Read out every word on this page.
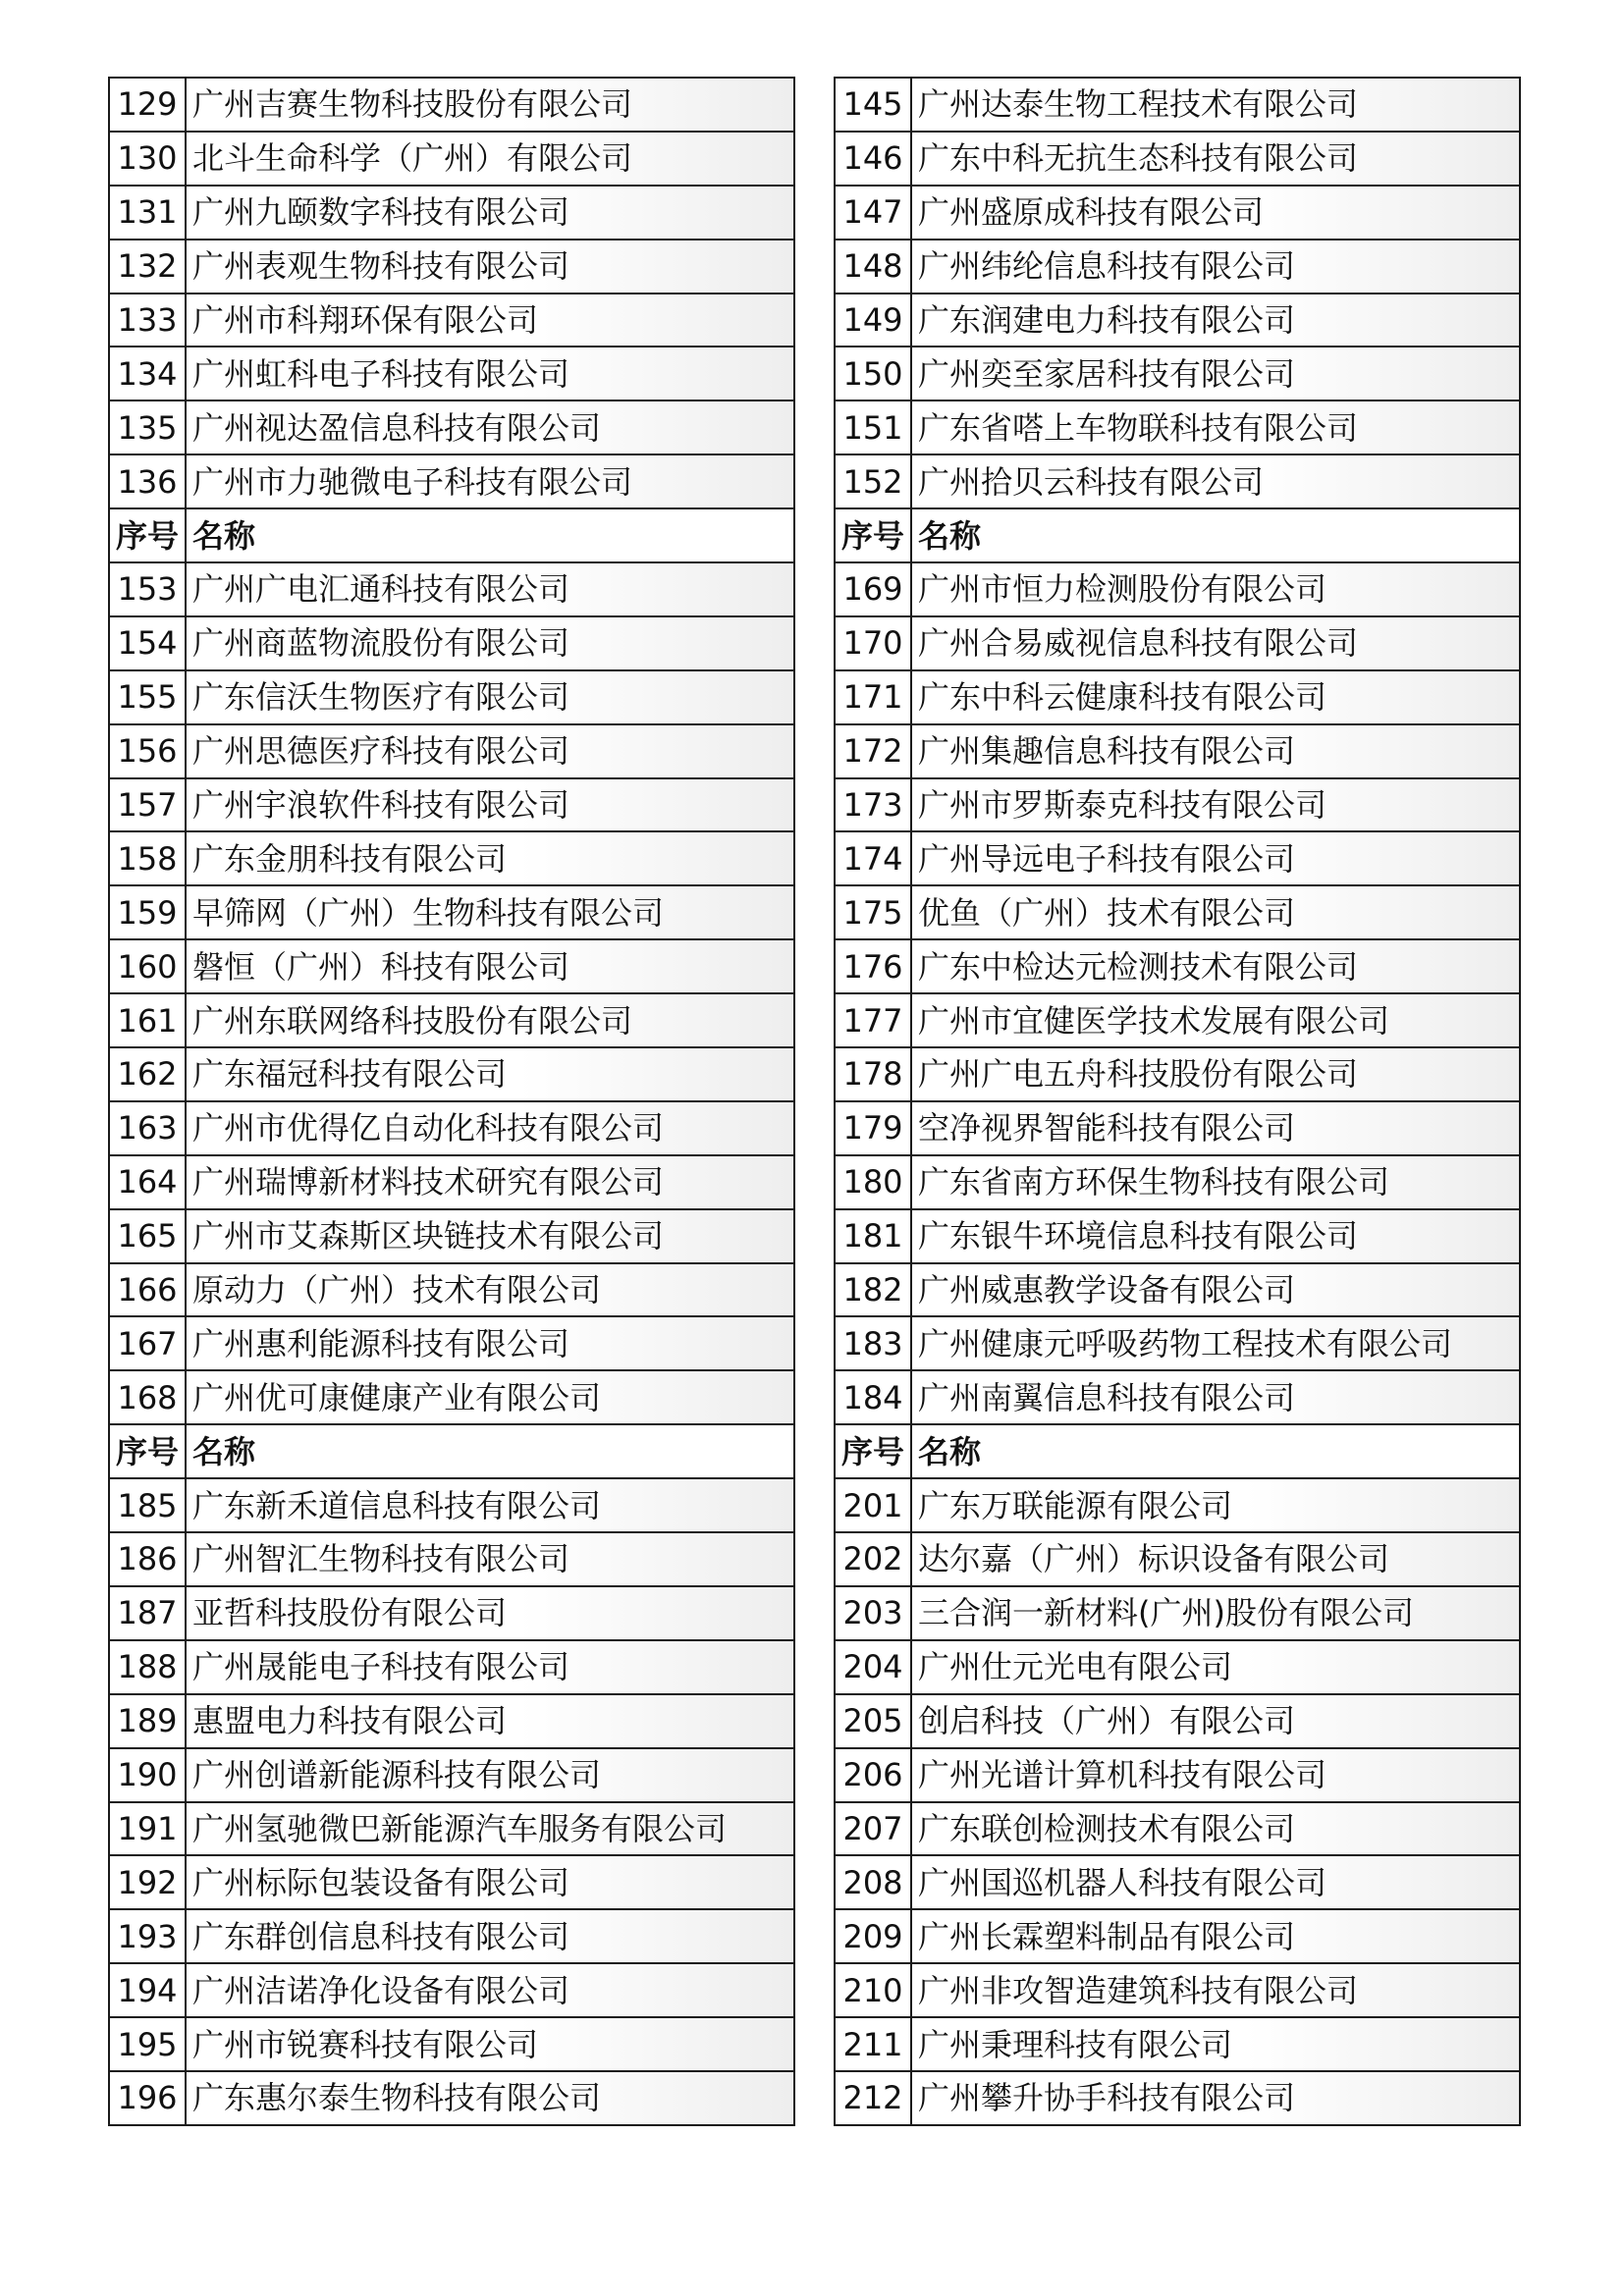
129	广州吉赛生物科技股份有限公司
130	北斗生命科学（广州）有限公司
131	广州九颐数字科技有限公司
132	广州表观生物科技有限公司
133	广州市科翔环保有限公司
134	广州虹科电子科技有限公司
135	广州视达盈信息科技有限公司
136	广州市力驰微电子科技有限公司
序号	名称
153	广州广电汇通科技有限公司
154	广州商蓝物流股份有限公司
155	广东信沃生物医疗有限公司
156	广州思德医疗科技有限公司
157	广州宇浪软件科技有限公司
158	广东金朋科技有限公司
159	早筛网（广州）生物科技有限公司
160	磐恒（广州）科技有限公司
161	广州东联网络科技股份有限公司
162	广东福冠科技有限公司
163	广州市优得亿自动化科技有限公司
164	广州瑞博新材料技术研究有限公司
165	广州市艾森斯区块链技术有限公司
166	原动力（广州）技术有限公司
167	广州惠利能源科技有限公司
168	广州优可康健康产业有限公司
序号	名称
185	广东新禾道信息科技有限公司
186	广州智汇生物科技有限公司
187	亚哲科技股份有限公司
188	广州晟能电子科技有限公司
189	惠盟电力科技有限公司
190	广州创谱新能源科技有限公司
191	广州氢驰微巴新能源汽车服务有限公司
192	广州标际包装设备有限公司
193	广东群创信息科技有限公司
194	广州洁诺净化设备有限公司
195	广州市锐赛科技有限公司
196	广东惠尔泰生物科技有限公司
145	广州达泰生物工程技术有限公司
146	广东中科无抗生态科技有限公司
147	广州盛原成科技有限公司
148	广州纬纶信息科技有限公司
149	广东润建电力科技有限公司
150	广州奕至家居科技有限公司
151	广东省嗒上车物联科技有限公司
152	广州拾贝云科技有限公司
序号	名称
169	广州市恒力检测股份有限公司
170	广州合易威视信息科技有限公司
171	广东中科云健康科技有限公司
172	广州集趣信息科技有限公司
173	广州市罗斯泰克科技有限公司
174	广州导远电子科技有限公司
175	优鱼（广州）技术有限公司
176	广东中检达元检测技术有限公司
177	广州市宜健医学技术发展有限公司
178	广州广电五舟科技股份有限公司
179	空净视界智能科技有限公司
180	广东省南方环保生物科技有限公司
181	广东银牛环境信息科技有限公司
182	广州威惠教学设备有限公司
183	广州健康元呼吸药物工程技术有限公司
184	广州南翼信息科技有限公司
序号	名称
201	广东万联能源有限公司
202	达尔嘉（广州）标识设备有限公司
203	三合润一新材料(广州)股份有限公司
204	广州仕元光电有限公司
205	创启科技（广州）有限公司
206	广州光谱计算机科技有限公司
207	广东联创检测技术有限公司
208	广州国巡机器人科技有限公司
209	广州长霖塑料制品有限公司
210	广州非攻智造建筑科技有限公司
211	广州秉理科技有限公司
212	广州攀升协手科技有限公司
